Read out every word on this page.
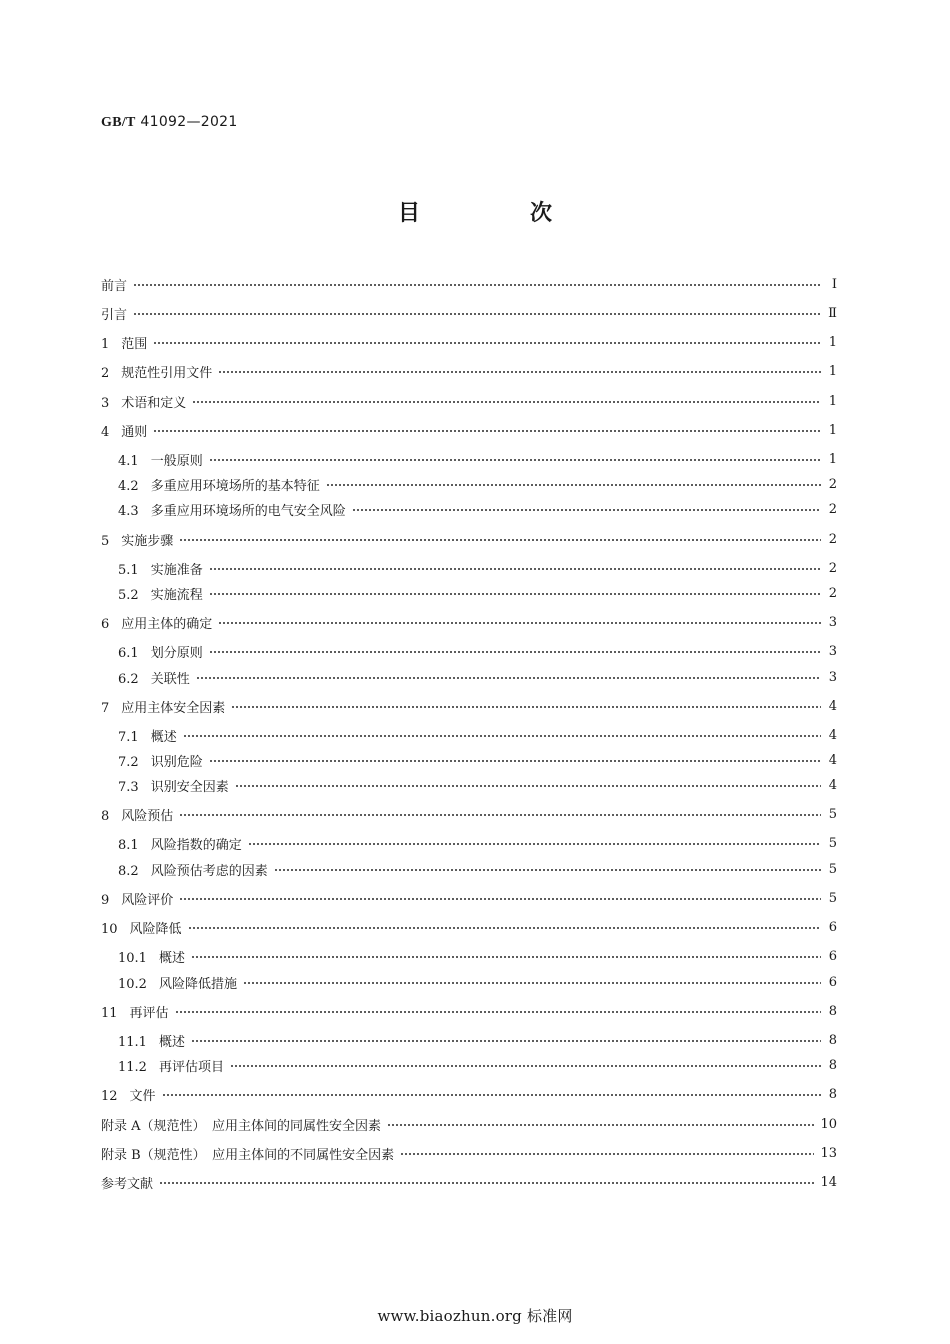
GB/T 41092—2021
目　次
前言	Ⅰ
引言	Ⅱ
1 范围	1
2 规范性引用文件	1
3 术语和定义	1
4 通则	1
4.1 一般原则	1
4.2 多重应用环境场所的基本特征	2
4.3 多重应用环境场所的电气安全风险	2
5 实施步骤	2
5.1 实施准备	2
5.2 实施流程	2
6 应用主体的确定	3
6.1 划分原则	3
6.2 关联性	3
7 应用主体安全因素	4
7.1 概述	4
7.2 识别危险	4
7.3 识别安全因素	4
8 风险预估	5
8.1 风险指数的确定	5
8.2 风险预估考虑的因素	5
9 风险评价	5
10 风险降低	6
10.1 概述	6
10.2 风险降低措施	6
11 再评估	8
11.1 概述	8
11.2 再评估项目	8
12 文件	8
附录 A（规范性）　应用主体间的同属性安全因素	10
附录 B（规范性）　应用主体间的不同属性安全因素	13
参考文献	14
www.biaozhun.org 标准网
